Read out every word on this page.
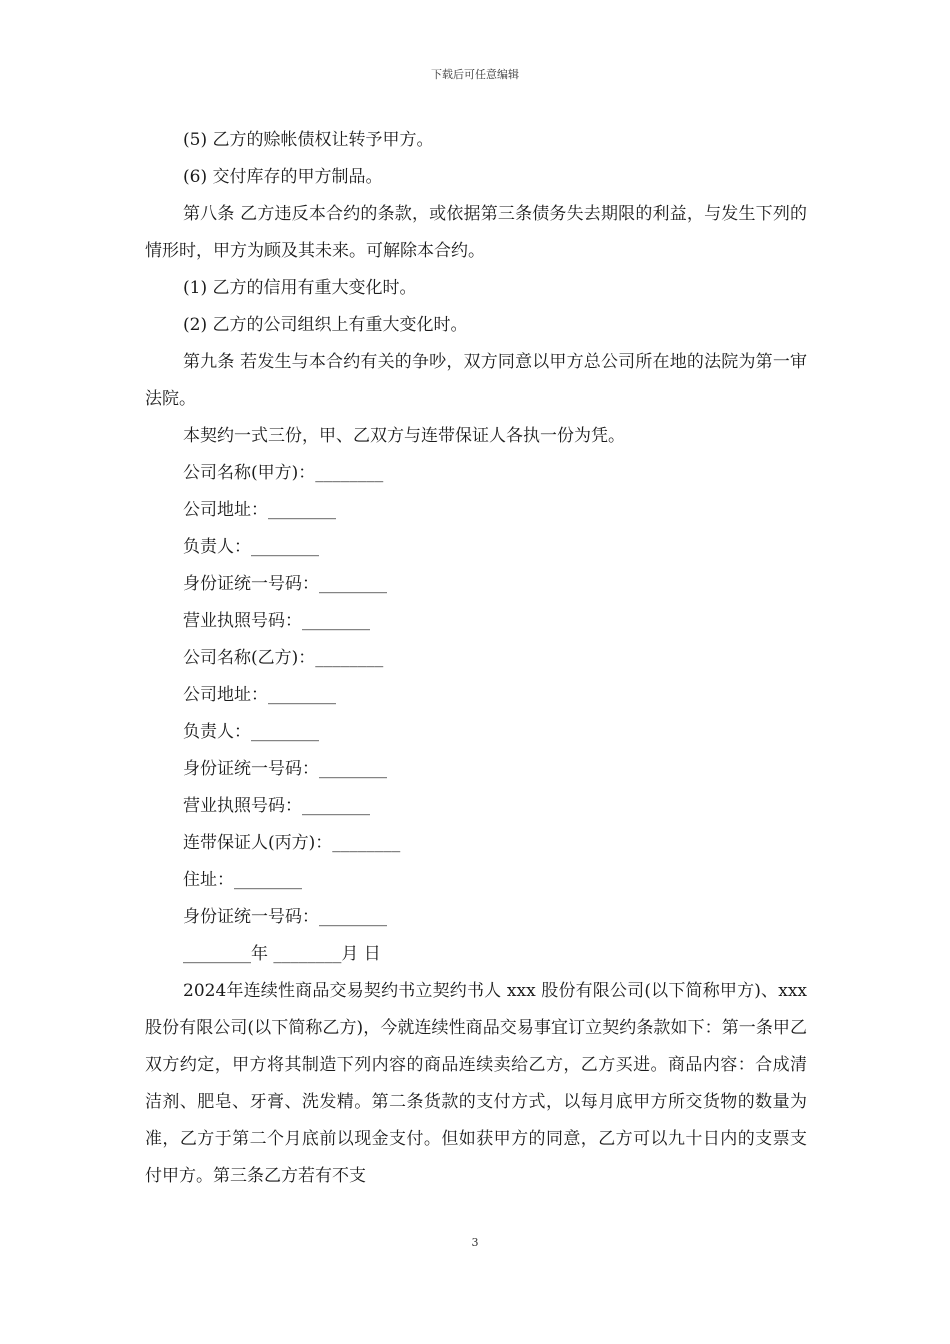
下载后可任意编辑

(5) 乙方的赊帐债权让转予甲方。

(6) 交付库存的甲方制品。

第八条 乙方违反本合约的条款，或依据第三条债务失去期限的利益，与发生下列的情形时，甲方为顾及其未来。可解除本合约。

(1) 乙方的信用有重大变化时。

(2) 乙方的公司组织上有重大变化时。

第九条 若发生与本合约有关的争吵，双方同意以甲方总公司所在地的法院为第一审法院。

本契约一式三份，甲、乙双方与连带保证人各执一份为凭。

公司名称(甲方)：________

公司地址：________

负责人：________

身份证统一号码：________

营业执照号码：________

公司名称(乙方)：________

公司地址：________

负责人：________

身份证统一号码：________

营业执照号码：________

连带保证人(丙方)：________

住址：________

身份证统一号码：________

________年 ________月 日

2024年连续性商品交易契约书立契约书人 xxx 股份有限公司(以下简称甲方)、xxx 股份有限公司(以下简称乙方)，今就连续性商品交易事宜订立契约条款如下：第一条甲乙双方约定，甲方将其制造下列内容的商品连续卖给乙方，乙方买进。商品内容：合成清洁剂、肥皂、牙膏、洗发精。第二条货款的支付方式，以每月底甲方所交货物的数量为准，乙方于第二个月底前以现金支付。但如获甲方的同意，乙方可以九十日内的支票支付甲方。第三条乙方若有不支

3
